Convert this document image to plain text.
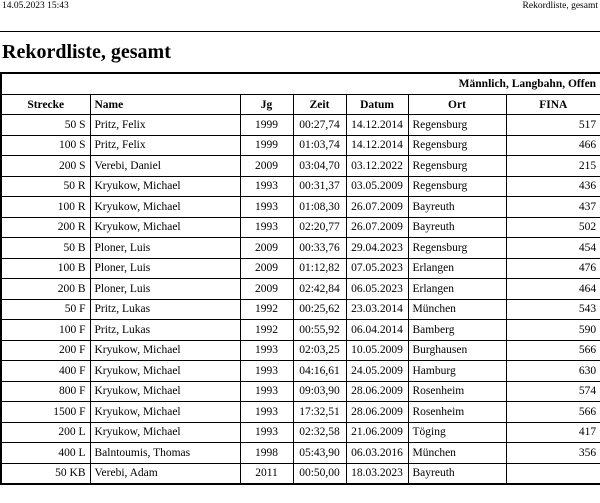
14.05.2023 15:43	Rekordliste, gesamt
Rekordliste, gesamt
Männlich, Langbahn, Offen						
Strecke	Name	Jg	Zeit	Datum	Ort	FINA
50 S	Pritz, Felix	1999	00:27,74	14.12.2014	Regensburg	517
100 S	Pritz, Felix	1999	01:03,74	14.12.2014	Regensburg	466
200 S	Verebi, Daniel	2009	03:04,70	03.12.2022	Regensburg	215
50 R	Kryukow, Michael	1993	00:31,37	03.05.2009	Regensburg	436
100 R	Kryukow, Michael	1993	01:08,30	26.07.2009	Bayreuth	437
200 R	Kryukow, Michael	1993	02:20,77	26.07.2009	Bayreuth	502
50 B	Ploner, Luis	2009	00:33,76	29.04.2023	Regensburg	454
100 B	Ploner, Luis	2009	01:12,82	07.05.2023	Erlangen	476
200 B	Ploner, Luis	2009	02:42,84	06.05.2023	Erlangen	464
50 F	Pritz, Lukas	1992	00:25,62	23.03.2014	München	543
100 F	Pritz, Lukas	1992	00:55,92	06.04.2014	Bamberg	590
200 F	Kryukow, Michael	1993	02:03,25	10.05.2009	Burghausen	566
400 F	Kryukow, Michael	1993	04:16,61	24.05.2009	Hamburg	630
800 F	Kryukow, Michael	1993	09:03,90	28.06.2009	Rosenheim	574
1500 F	Kryukow, Michael	1993	17:32,51	28.06.2009	Rosenheim	566
200 L	Kryukow, Michael	1993	02:32,58	21.06.2009	Töging	417
400 L	Balntoumis, Thomas	1998	05:43,90	06.03.2016	München	356
50 KB	Verebi, Adam	2011	00:50,00	18.03.2023	Bayreuth	
